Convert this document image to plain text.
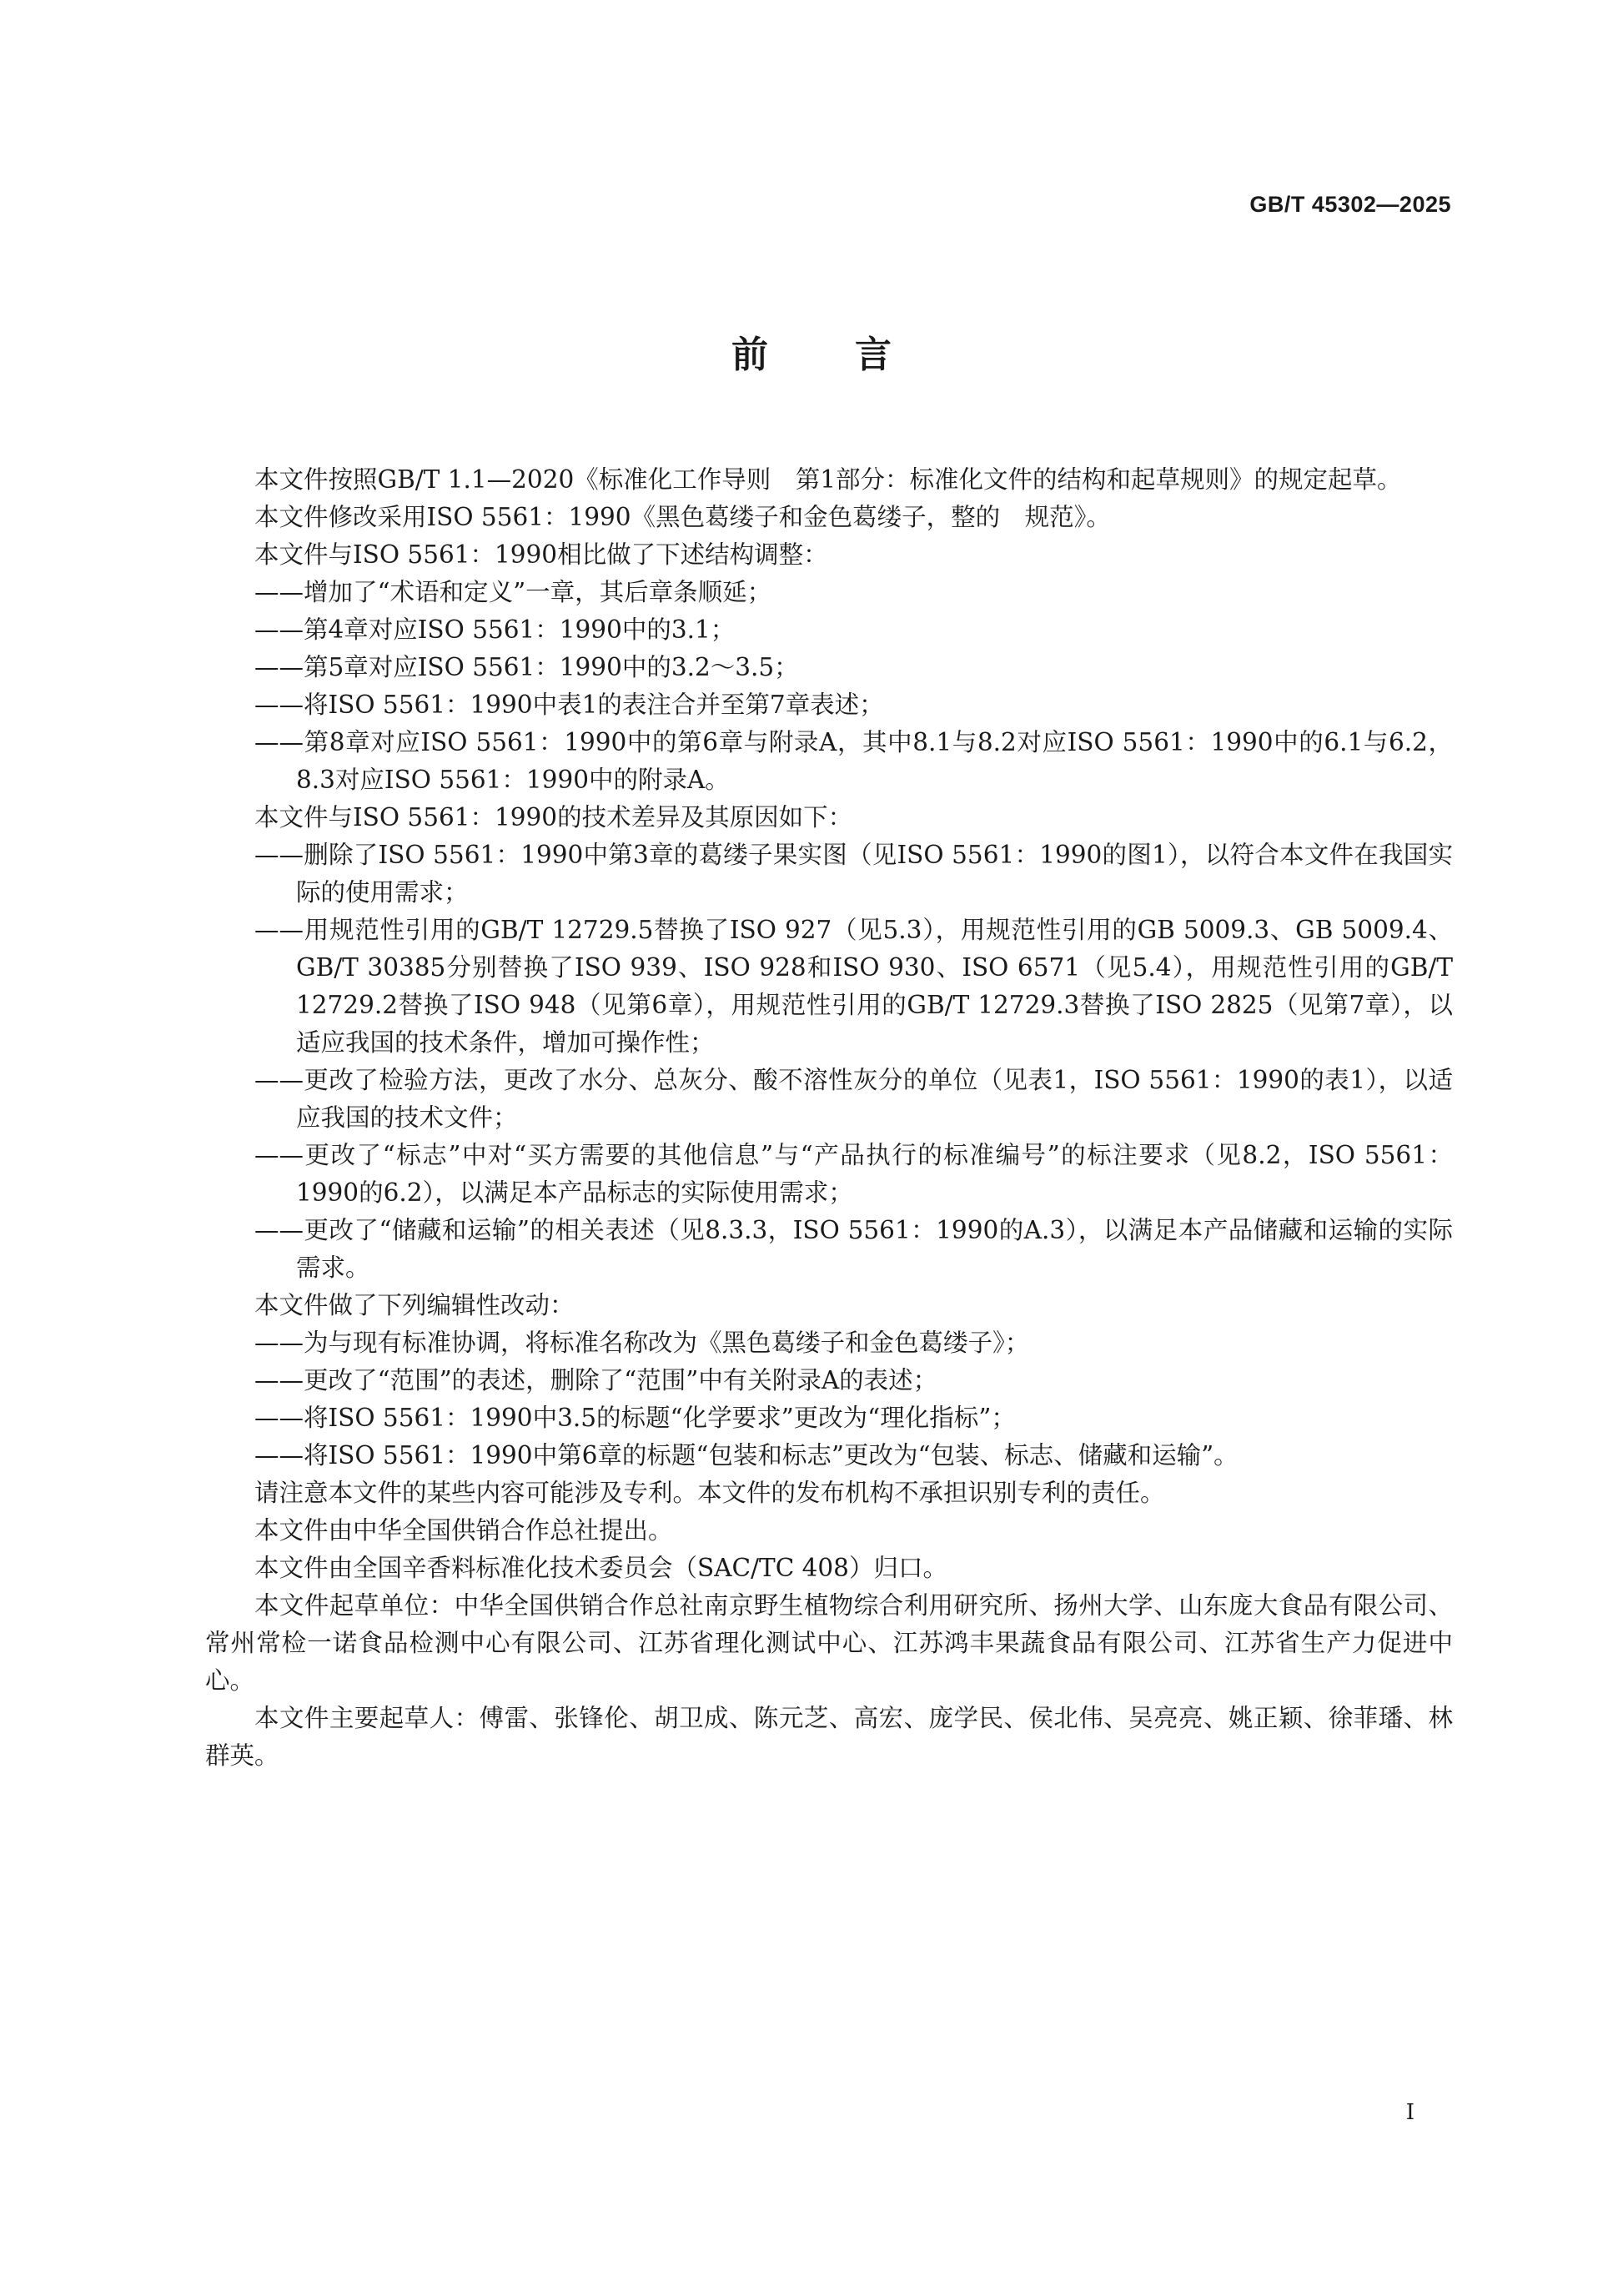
GB/T 45302—2025
前言

本文件按照GB/T 1.1—2020《标准化工作导则　第1部分：标准化文件的结构和起草规则》的规定起草。

本文件修改采用ISO 5561：1990《黑色葛缕子和金色葛缕子，整的　规范》。

本文件与ISO 5561：1990相比做了下述结构调整：

——增加了“术语和定义”一章，其后章条顺延；

——第4章对应ISO 5561：1990中的3.1；

——第5章对应ISO 5561：1990中的3.2～3.5；

——将ISO 5561：1990中表1的表注合并至第7章表述；

——第8章对应ISO 5561：1990中的第6章与附录A，其中8.1与8.2对应ISO 5561：1990中的6.1与6.2，8.3对应ISO 5561：1990中的附录A。

本文件与ISO 5561：1990的技术差异及其原因如下：

——删除了ISO 5561：1990中第3章的葛缕子果实图（见ISO 5561：1990的图1），以符合本文件在我国实际的使用需求；

——用规范性引用的GB/T 12729.5替换了ISO 927（见5.3），用规范性引用的GB 5009.3、GB 5009.4、GB/T 30385分别替换了ISO 939、ISO 928和ISO 930、ISO 6571（见5.4），用规范性引用的GB/T 12729.2替换了ISO 948（见第6章），用规范性引用的GB/T 12729.3替换了ISO 2825（见第7章），以适应我国的技术条件，增加可操作性；

——更改了检验方法，更改了水分、总灰分、酸不溶性灰分的单位（见表1，ISO 5561：1990的表1），以适应我国的技术文件；

——更改了“标志”中对“买方需要的其他信息”与“产品执行的标准编号”的标注要求（见8.2，ISO 5561：1990的6.2），以满足本产品标志的实际使用需求；

——更改了“储藏和运输”的相关表述（见8.3.3，ISO 5561：1990的A.3），以满足本产品储藏和运输的实际需求。

本文件做了下列编辑性改动：

——为与现有标准协调，将标准名称改为《黑色葛缕子和金色葛缕子》；

——更改了“范围”的表述，删除了“范围”中有关附录A的表述；

——将ISO 5561：1990中3.5的标题“化学要求”更改为“理化指标”；

——将ISO 5561：1990中第6章的标题“包装和标志”更改为“包装、标志、储藏和运输”。

请注意本文件的某些内容可能涉及专利。本文件的发布机构不承担识别专利的责任。

本文件由中华全国供销合作总社提出。

本文件由全国辛香料标准化技术委员会（SAC/TC 408）归口。

本文件起草单位：中华全国供销合作总社南京野生植物综合利用研究所、扬州大学、山东庞大食品有限公司、常州常检一诺食品检测中心有限公司、江苏省理化测试中心、江苏鸿丰果蔬食品有限公司、江苏省生产力促进中心。

本文件主要起草人：傅雷、张锋伦、胡卫成、陈元芝、高宏、庞学民、侯北伟、吴亮亮、姚正颖、徐菲璠、林群英。

I
